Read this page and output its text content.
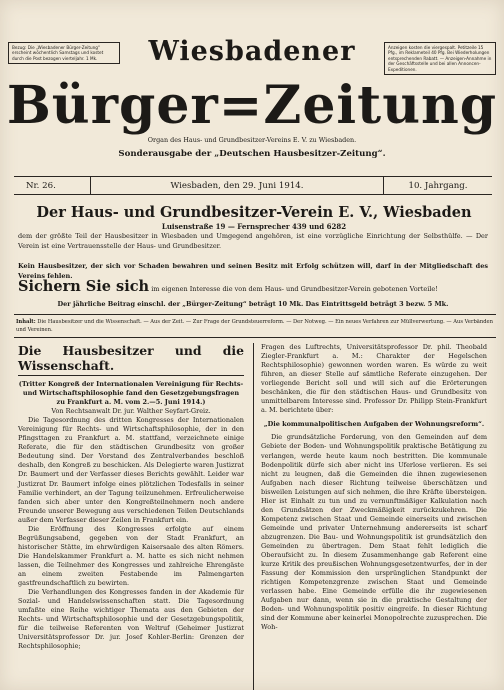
Bezug: Die „Wiesbadener Bürger-Zeitung“ erscheint wöchentlich Samstags und kostet durch die Post bezogen vierteljahr. 1 Mk.
Anzeigen kosten die viergespalt. Petitzeile 15 Pfg., im Reklameteil 40 Pfg. Bei Wiederholungen entsprechenden Rabatt. — Anzeigen-Annahme in der Geschäftsstelle und bei allen Annoncen-Expeditionen.
Wiesbadener
Bürger=Zeitung
Organ des Haus- und Grundbesitzer-Vereins E. V. zu Wiesbaden.
Sonderausgabe der „Deutschen Hausbesitzer-Zeitung“.
Nr. 26.	Wiesbaden, den 29. Juni 1914.	10. Jahrgang.
Der Haus- und Grundbesitzer-Verein E. V., Wiesbaden
Luisenstraße 19 — Fernsprecher 439 und 6282
dem der größte Teil der Hausbesitzer in Wiesbaden und Umgegend angehören, ist eine vorzügliche Einrichtung der Selbsthülfe. — Der Verein ist eine Vertrauensstelle der Haus- und Grundbesitzer.
Kein Hausbesitzer, der sich vor Schaden bewahren und seinen Besitz mit Erfolg schützen will, darf in der Mitgliedschaft des Vereins fehlen.
Sichern Sie sich im eigenen Interesse die von dem Haus- und Grundbesitzer-Verein gebotenen Vorteile!
Der jährliche Beitrag einschl. der „Bürger-Zeitung“ beträgt 10 Mk. Das Eintrittsgeld beträgt 3 bezw. 5 Mk.
Inhalt: Die Hausbesitzer und die Wissenschaft. — Aus der Zeit. — Zur Frage der Grundsteuerreform. — Der Notweg. — Ein neues Verfahren zur Müllverwertung. — Aus Verbänden und Vereinen.
Die Hausbesitzer und die Wissenschaft.

(Tritter Kongreß der Internationalen Vereinigung für Rechts- und Wirtschaftsphilosophie fand den Gesetzgebungsfragen zu Frankfurt a. M. vom 2.—5. Juni 1914.)

Von Rechtsanwalt Dr. jur. Walther Seyfart-Greiz.

Die Tagesordnung des dritten Kongresses der Internationalen Vereinigung für Rechts- und Wirtschaftsphilosophie, der in den Pfingsttagen zu Frankfurt a. M. stattfand, verzeichnete einige Referate, die für den städtischen Grundbesitz von großer Bedeutung sind. Der Vorstand des Zentralverbandes beschloß deshalb, den Kongreß zu beschicken. Als Delegierte waren Justizrat Dr. Baumert und der Verfasser dieses Berichts gewählt. Leider war Justizrat Dr. Baumert infolge eines plötzlichen Todesfalls in seiner Familie verhindert, an der Tagung teilzunehmen. Erfreulicherweise fanden sich aber unter den Kongreßteilnehmern noch andere Freunde unserer Bewegung aus verschiedenen Teilen Deutschlands außer dem Verfasser dieser Zeilen in Frankfurt ein.

Die Eröffnung des Kongresses erfolgte auf einem Begrüßungsabend, gegeben von der Stadt Frankfurt, an historischer Stätte, im ehrwürdigen Kaisersaale des alten Römers. Die Handelskammer Frankfurt a. M. hatte es sich nicht nehmen lassen, die Teilnehmer des Kongresses und zahlreiche Ehrengäste an einem zweiten Festabende im Palmengarten gastfreundschaftlich zu bewirten.

Die Verhandlungen des Kongresses fanden in der Akademie für Sozial- und Handelswissenschaften statt. Die Tagesordnung umfaßte eine Reihe wichtiger Themata aus den Gebieten der Rechts- und Wirtschaftsphilosophie und der Gesetzgebungspolitik, für die teilweise Referenten von Weltruf (Geheimer Justizrat Universitätsprofessor Dr. jur. Josef Kohler-Berlin: Grenzen der Rechtsphilosophie;

Fragen des Luftrechts, Universitätsprofessor Dr. phil. Theobald Ziegler-Frankfurt a. M.: Charakter der Hegelschen Rechtsphilosophie) gewonnen worden waren. Es würde zu weit führen, an dieser Stelle auf sämtliche Referate einzugehen. Der vorliegende Bericht soll und will sich auf die Erörterungen beschänken, die für den städtischen Haus- und Grundbesitz von unmittelbarem Interesse sind. Professor Dr. Philipp Stein-Frankfurt a. M. berichtete über:

„Die kommunalpolitischen Aufgaben der Wohnungsreform“.

Die grundsätzliche Forderung, von den Gemeinden auf dem Gebiete der Boden- und Wohnungspolitik praktische Betätigung zu verlangen, werde heute kaum noch bestritten. Die kommunale Bodenpolitik dürfe sich aber nicht ins Uferlose verlieren. Es sei nicht zu leugnen, daß die Gemeinden die ihnen zugewiesenen Aufgaben nach dieser Richtung teilweise überschätzen und bisweilen Leistungen auf sich nehmen, die ihre Kräfte übersteigen. Hier ist Einhalt zu tun und zu vernunftmäßiger Kalkulation nach den Grundsätzen der Zweckmäßigkeit zurückzukehren. Die Kompetenz zwischen Staat und Gemeinde einerseits und zwischen Gemeinde und privater Unternehmung andererseits ist scharf abzugrenzen. Die Bau- und Wohnungspolitik ist grundsätzlich den Gemeinden zu übertragen. Dem Staat fehlt lediglich die Oberaufsicht zu. In diesem Zusammenhange gab Referent eine kurze Kritik des preußischen Wohnungsgesetzentwurfes, der in der Fassung der Kommission den ursprünglichen Standpunkt der richtigen Kompetenzgrenze zwischen Staat und Gemeinde verlassen habe. Eine Gemeinde erfülle die ihr zugewiesenen Aufgaben nur dann, wenn sie in die praktische Gestaltung der Boden- und Wohnungspolitik positiv eingreife. In dieser Richtung sind der Kommune aber keinerlei Monopolrechte zuzusprechen. Die Woh-
